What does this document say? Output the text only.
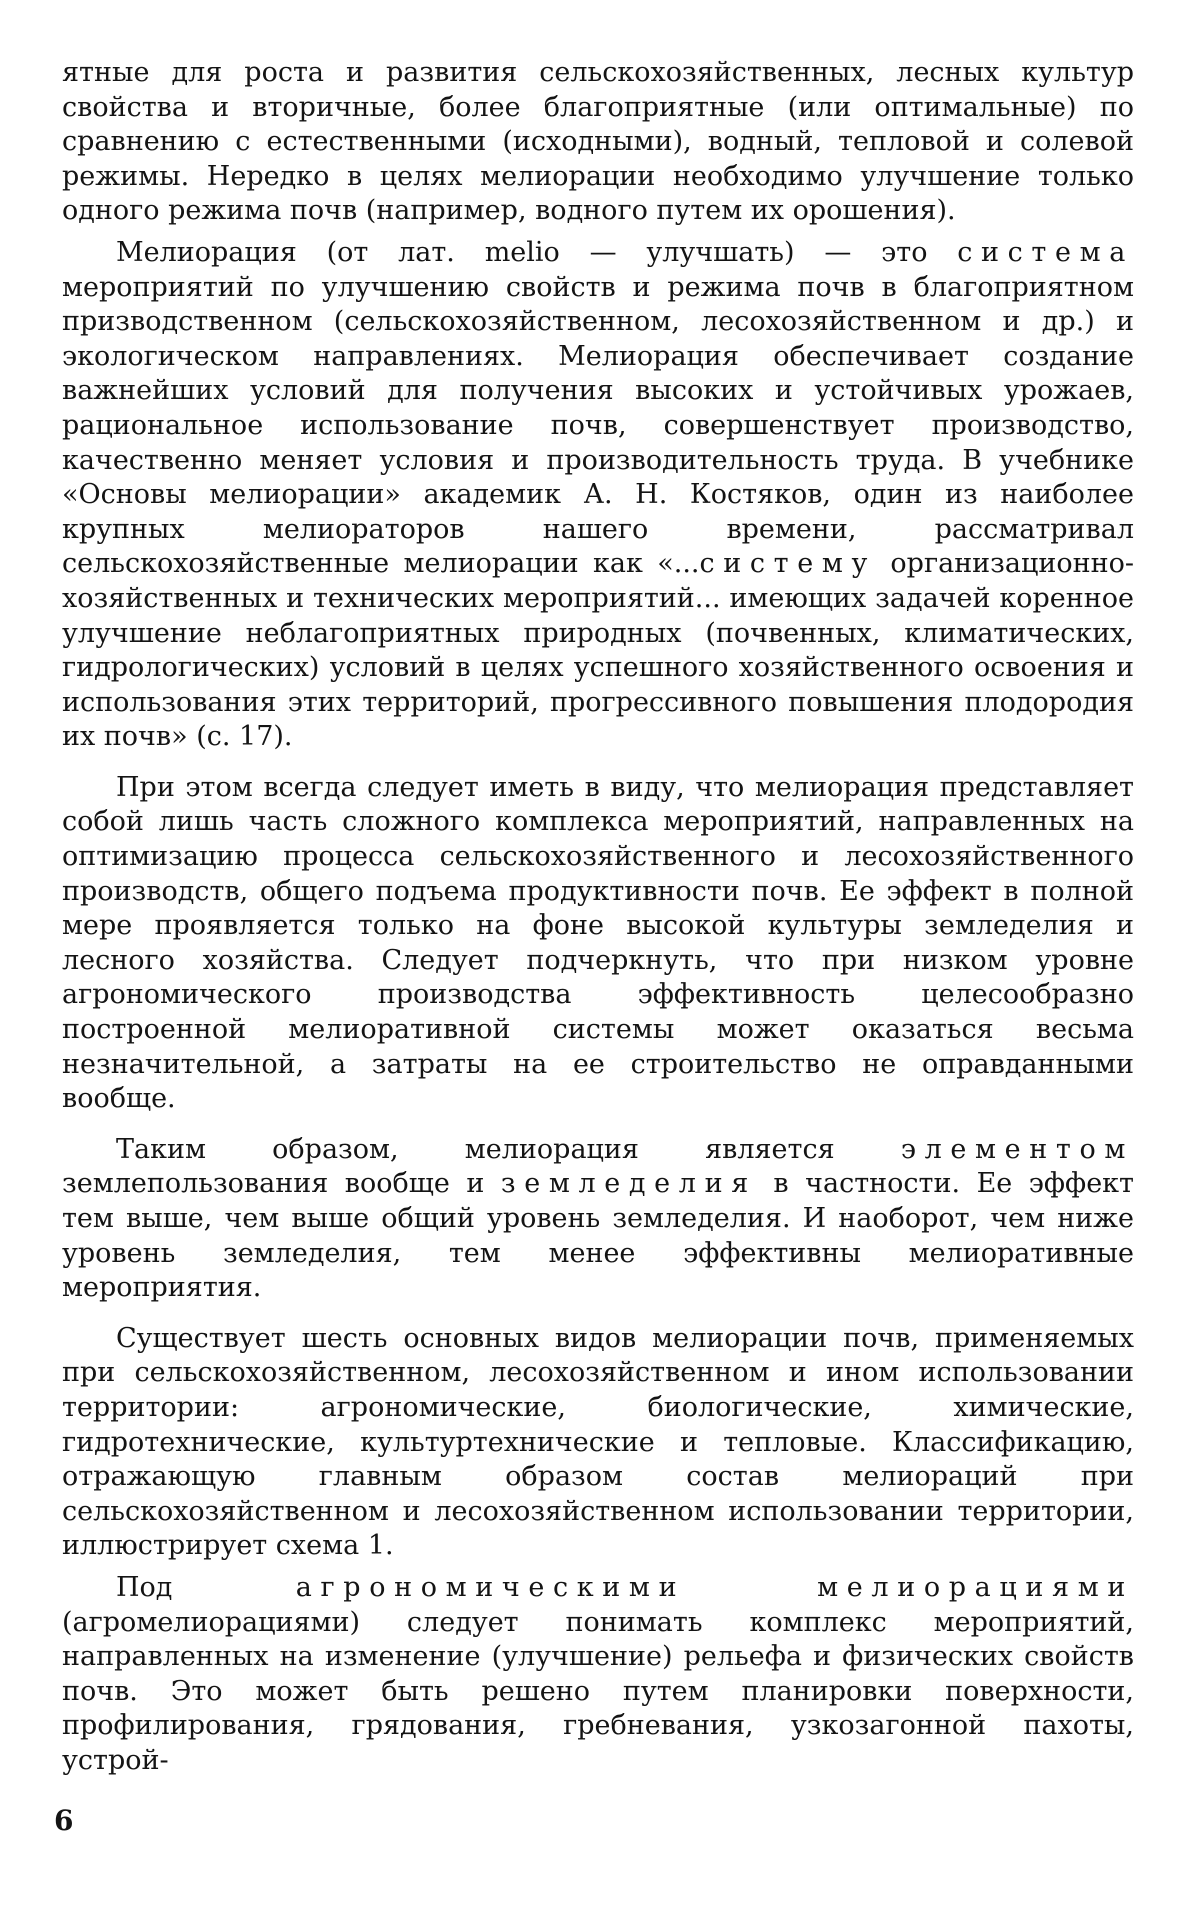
ятные для роста и развития сельскохозяйственных, лесных культур свойства и вторичные, более благоприятные (или оптимальные) по сравнению с естественными (исходными), водный, тепловой и солевой режимы. Нередко в целях мелиорации необходимо улучшение только одного режима почв (например, водного путем их орошения).

Мелиорация (от лат. melio — улучшать) — это система мероприятий по улучшению свойств и режима почв в благоприятном призводственном (сельскохозяйственном, лесохозяйственном и др.) и экологическом направлениях. Мелиорация обеспечивает создание важнейших условий для получения высоких и устойчивых урожаев, рациональное использование почв, совершенствует производство, качественно меняет условия и производительность труда. В учебнике «Основы мелиорации» академик А. Н. Костяков, один из наиболее крупных мелиораторов нашего времени, рассматривал сельскохозяйственные мелиорации как «...систему организационно-хозяйственных и технических мероприятий... имеющих задачей коренное улучшение неблагоприятных природных (почвенных, климатических, гидрологических) условий в целях успешного хозяйственного освоения и использования этих территорий, прогрессивного повышения плодородия их почв» (с. 17).

При этом всегда следует иметь в виду, что мелиорация представляет собой лишь часть сложного комплекса мероприятий, направленных на оптимизацию процесса сельскохозяйственного и лесохозяйственного производств, общего подъема продуктивности почв. Ее эффект в полной мере проявляется только на фоне высокой культуры земледелия и лесного хозяйства. Следует подчеркнуть, что при низком уровне агрономического производства эффективность целесообразно построенной мелиоративной системы может оказаться весьма незначительной, а затраты на ее строительство не оправданными вообще.

Таким образом, мелиорация является элементом землепользования вообще и земледелия в частности. Ее эффект тем выше, чем выше общий уровень земледелия. И наоборот, чем ниже уровень земледелия, тем менее эффективны мелиоративные мероприятия.

Существует шесть основных видов мелиорации почв, применяемых при сельскохозяйственном, лесохозяйственном и ином использовании территории: агрономические, биологические, химические, гидротехнические, культуртехнические и тепловые. Классификацию, отражающую главным образом состав мелиораций при сельскохозяйственном и лесохозяйственном использовании территории, иллюстрирует схема 1.

Под агрономическими мелиорациями (агромелиорациями) следует понимать комплекс мероприятий, направленных на изменение (улучшение) рельефа и физических свойств почв. Это может быть решено путем планировки поверхности, профилирования, грядования, гребневания, узкозагонной пахоты, устрой-

6
